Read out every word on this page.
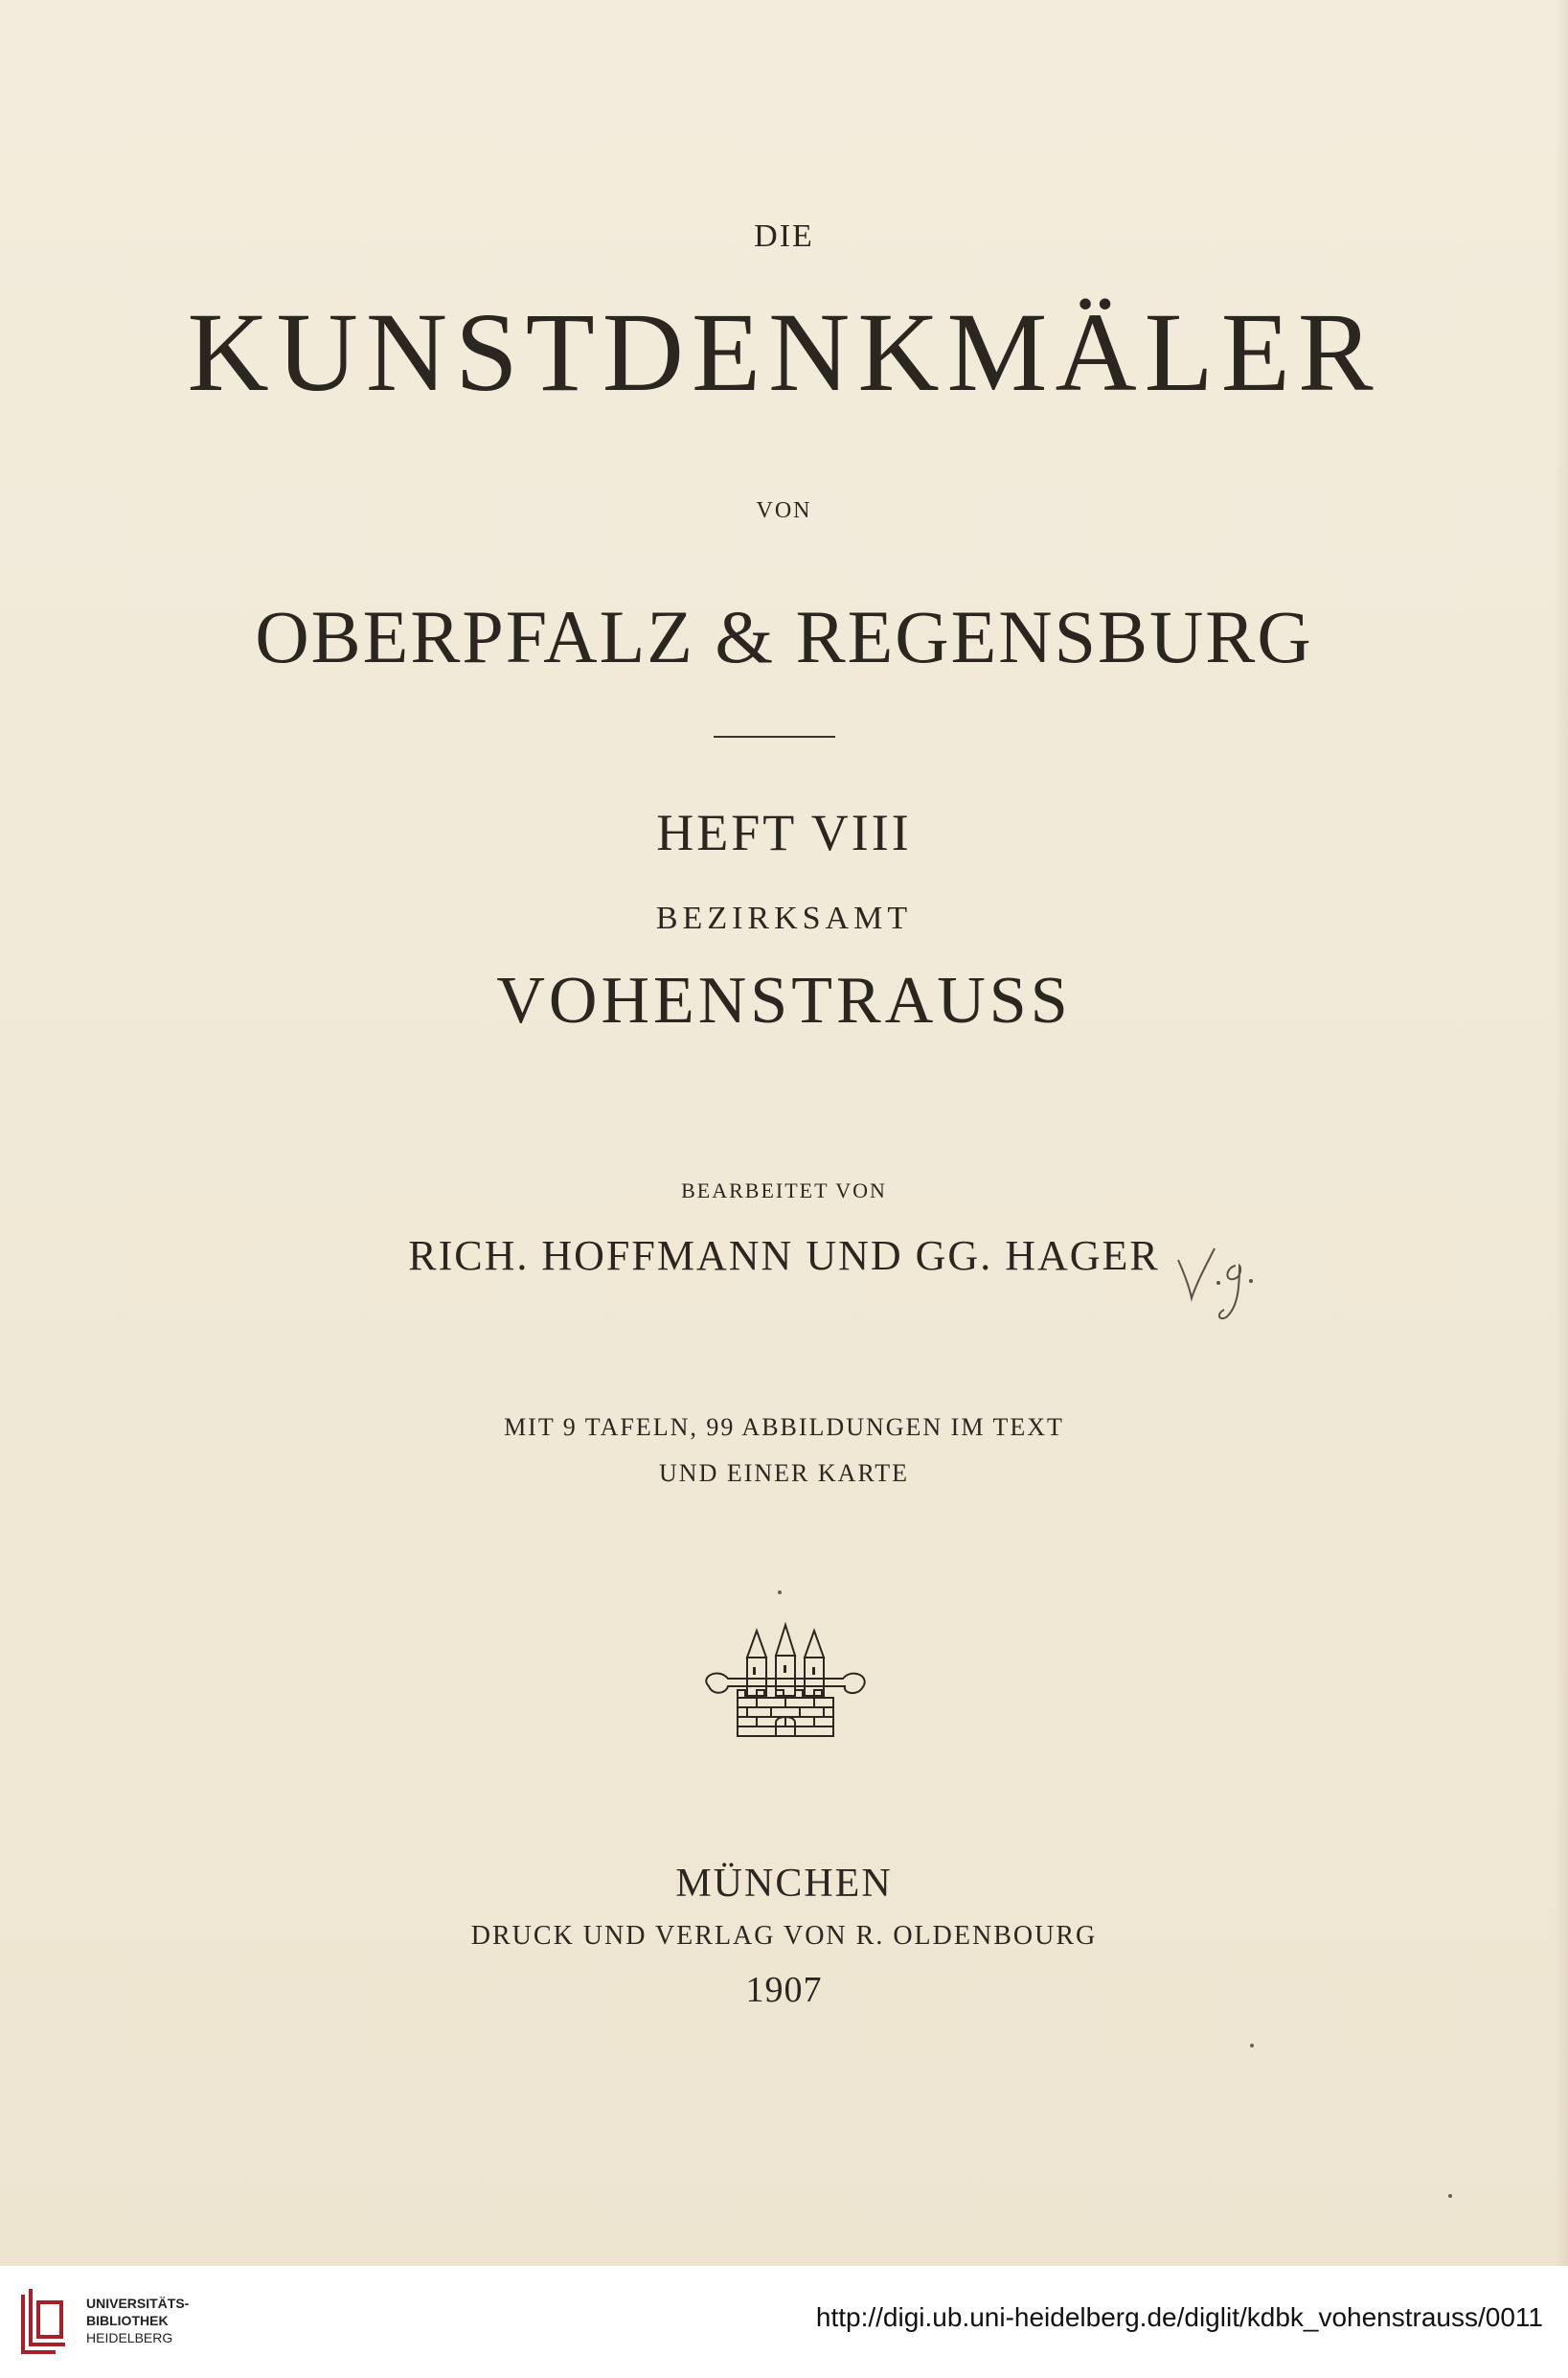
DIE
KUNSTDENKMÄLER
VON
OBERPFALZ & REGENSBURG
HEFT VIII
BEZIRKSAMT
VOHENSTRAUSS
BEARBEITET VON
RICH. HOFFMANN UND GG. HAGER
MIT 9 TAFELN, 99 ABBILDUNGEN IM TEXT
UND EINER KARTE
MÜNCHEN
DRUCK UND VERLAG VON R. OLDENBOURG
1907
UNIVERSITÄTS-
BIBLIOTHEK
HEIDELBERG
http://digi.ub.uni-heidelberg.de/diglit/kdbk_vohenstrauss/0011
